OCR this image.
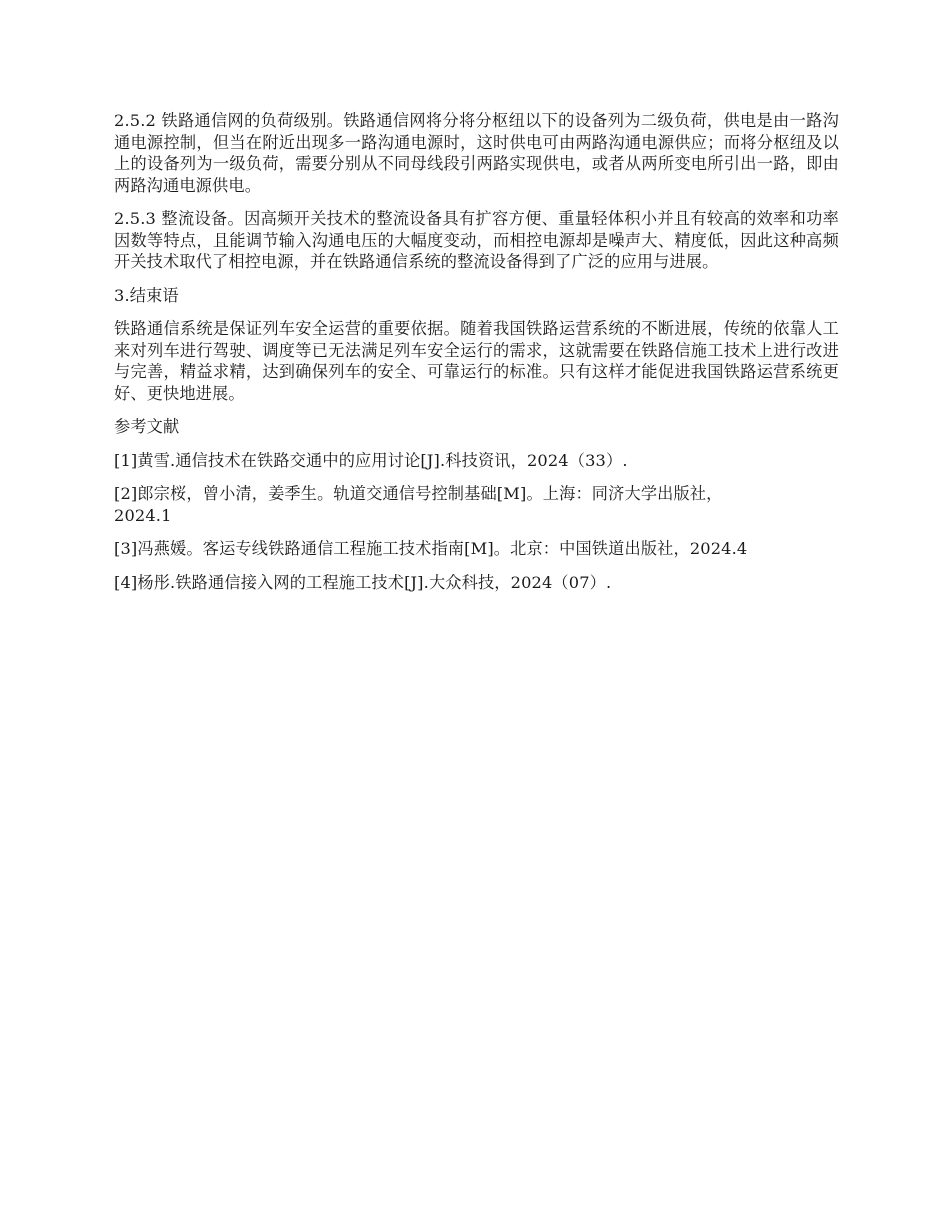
2.5.2 铁路通信网的负荷级别。铁路通信网将分将分枢纽以下的设备列为二级负荷，供电是由一路沟通电源控制，但当在附近出现多一路沟通电源时，这时供电可由两路沟通电源供应；而将分枢纽及以上的设备列为一级负荷，需要分别从不同母线段引两路实现供电，或者从两所变电所引出一路，即由两路沟通电源供电。

2.5.3 整流设备。因高频开关技术的整流设备具有扩容方便、重量轻体积小并且有较高的效率和功率因数等特点，且能调节输入沟通电压的大幅度变动，而相控电源却是噪声大、精度低，因此这种高频开关技术取代了相控电源，并在铁路通信系统的整流设备得到了广泛的应用与进展。

3.结束语

铁路通信系统是保证列车安全运营的重要依据。随着我国铁路运营系统的不断进展，传统的依靠人工来对列车进行驾驶、调度等已无法满足列车安全运行的需求，这就需要在铁路信施工技术上进行改进与完善，精益求精，达到确保列车的安全、可靠运行的标准。只有这样才能促进我国铁路运营系统更好、更快地进展。

参考文献

[1]黄雪.通信技术在铁路交通中的应用讨论[J].科技资讯，2024（33）.

[2]郎宗桜，曾小清，姜季生。轨道交通信号控制基础[M]。上海：同济大学出版社，2024.1

[3]冯燕媛。客运专线铁路通信工程施工技术指南[M]。北京：中国铁道出版社，2024.4

[4]杨彤.铁路通信接入网的工程施工技术[J].大众科技，2024（07）.
